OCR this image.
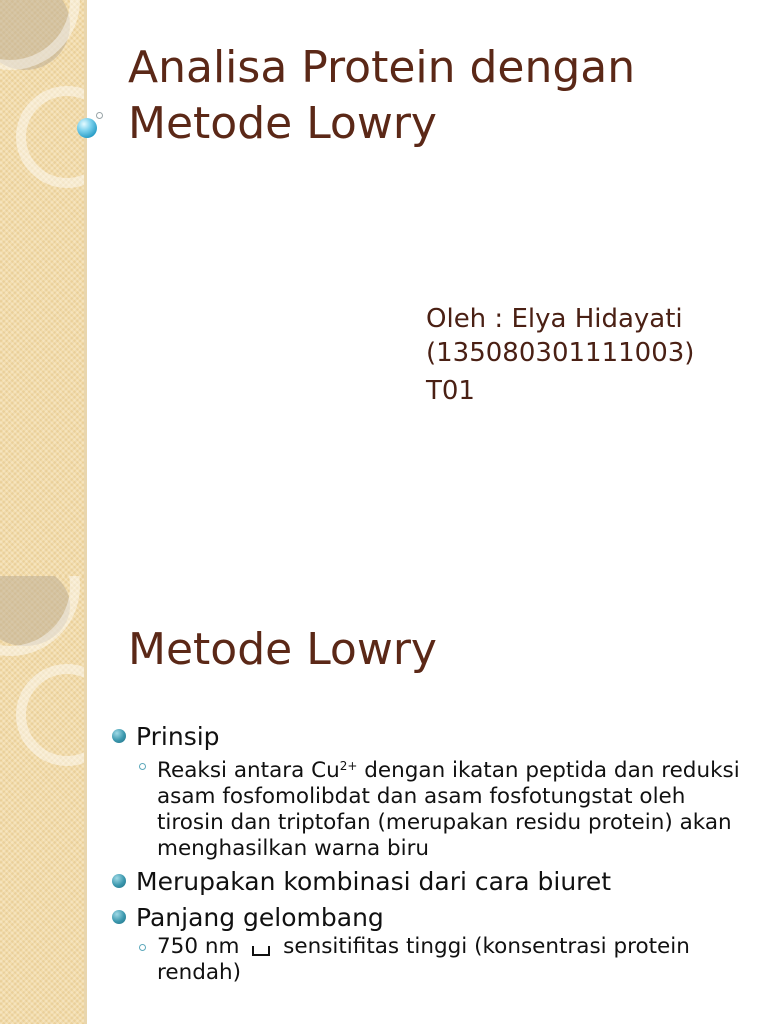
Analisa Protein dengan Metode Lowry
Oleh : Elya Hidayati
(135080301111003)
T01
Metode Lowry
Prinsip
Reaksi antara $Cu^{2+}$ dengan ikatan peptida dan reduksi asam fosfomolibdat dan asam fosfotungstat oleh tirosin dan triptofan (merupakan residu protein) akan menghasilkan warna biru
Merupakan kombinasi dari cara biuret
Panjang gelombang
750 nm sensitifitas tinggi (konsentrasi protein rendah)
